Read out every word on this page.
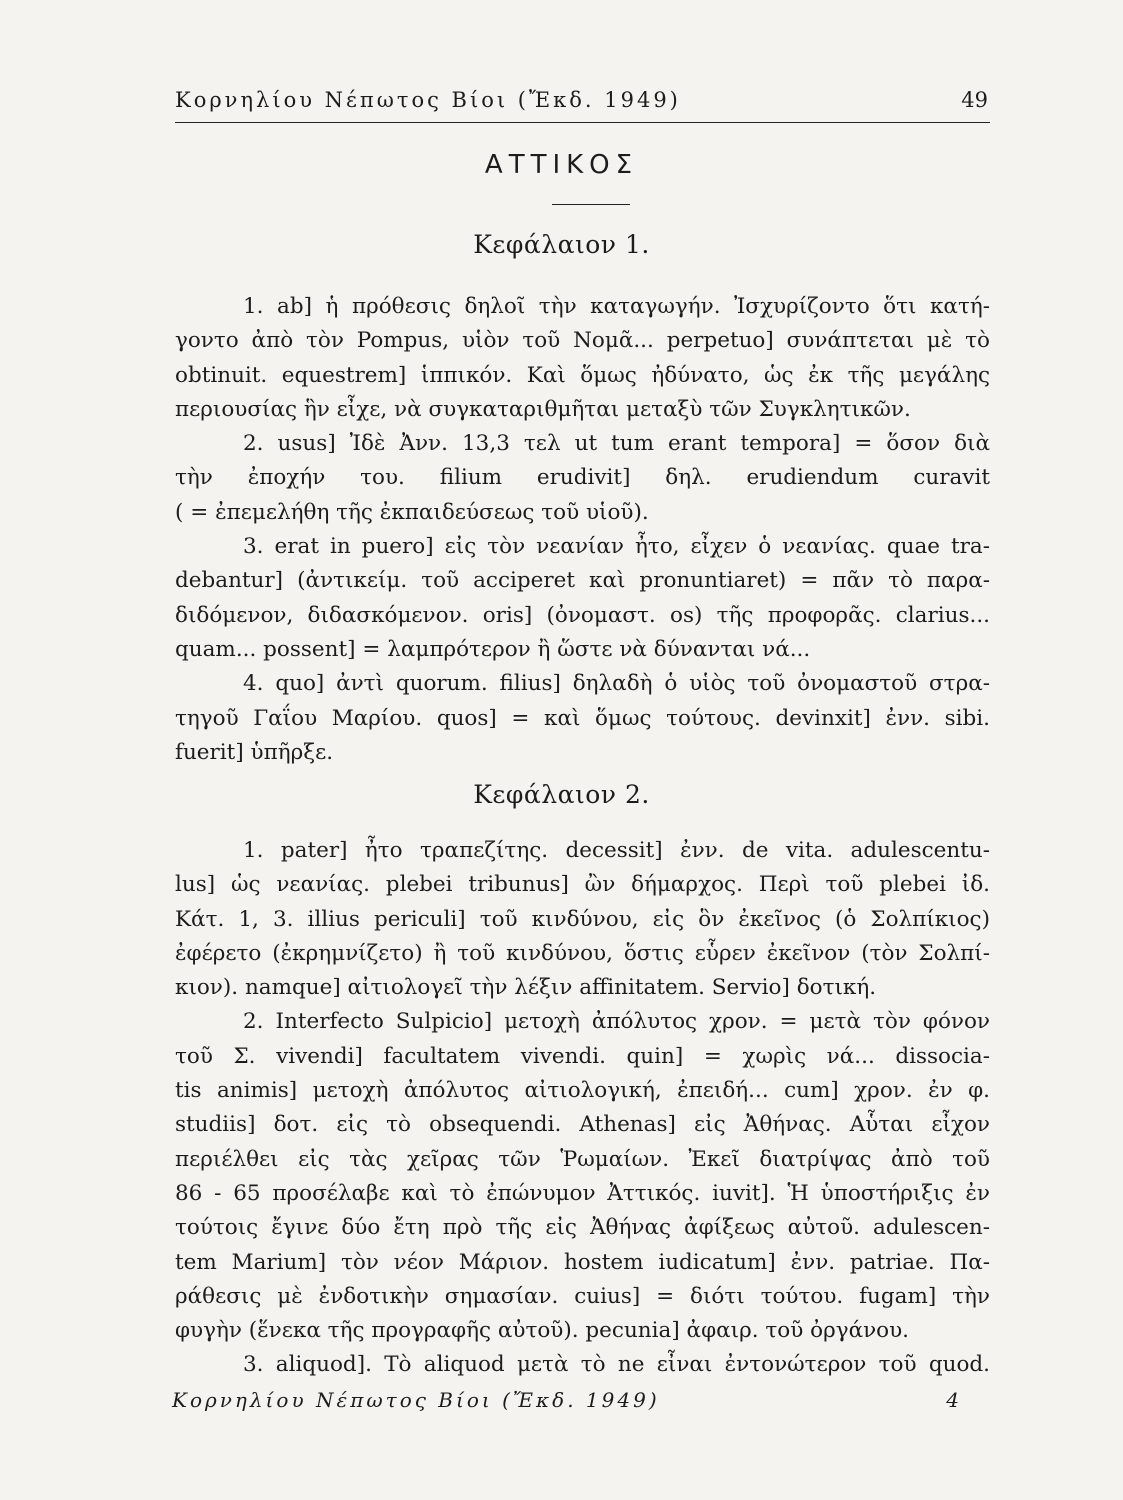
Κορνηλίου Νέπωτος Βίοι (Ἔκδ. 1949)	49
ΑΤΤΙΚΟΣ
Κεφάλαιον 1.
1. ab] ἡ πρόθεσις δηλοῖ τὴν καταγωγήν. Ἰσχυρίζοντο ὅτι κατή-
γοντο ἀπὸ τὸν Pompus, υἱὸν τοῦ Νομᾶ... perpetuo] συνάπτεται μὲ τὸ
obtinuit. equestrem] ἱππικόν. Καὶ ὅμως ἠδύνατο, ὡς ἐκ τῆς μεγάλης
περιουσίας ἣν εἶχε, νὰ συγκαταριθμῆται μεταξὺ τῶν Συγκλητικῶν.
2. usus] Ἰδὲ Ἀνν. 13,3 τελ ut tum erant tempora] = ὅσον διὰ
τὴν ἐποχήν του. filium erudivit] δηλ. erudiendum curavit
( = ἐπεμελήθη τῆς ἐκπαιδεύσεως τοῦ υἱοῦ).
3. erat in puero] εἰς τὸν νεανίαν ἦτο, εἶχεν ὁ νεανίας. quae tra-
debantur] (ἀντικείμ. τοῦ acciperet καὶ pronuntiaret) = πᾶν τὸ παρα-
διδόμενον, διδασκόμενον. oris] (ὀνομαστ. os) τῆς προφορᾶς. clarius...
quam... possent] = λαμπρότερον ἢ ὥστε νὰ δύνανται νά...
4. quo] ἀντὶ quorum. filius] δηλαδὴ ὁ υἱὸς τοῦ ὀνομαστοῦ στρα-
τηγοῦ Γαΐου Μαρίου. quos] = καὶ ὅμως τούτους. devinxit] ἐνν. sibi.
fuerit] ὑπῆρξε.
Κεφάλαιον 2.
1. pater] ἦτο τραπεζίτης. decessit] ἐνν. de vita. adulescentu-
lus] ὡς νεανίας. plebei tribunus] ὢν δήμαρχος. Περὶ τοῦ plebei ἰδ.
Κάτ. 1, 3. illius periculi] τοῦ κινδύνου, εἰς ὃν ἐκεῖνος (ὁ Σολπίκιος)
ἐφέρετο (ἐκρημνίζετο) ἢ τοῦ κινδύνου, ὅστις εὗρεν ἐκεῖνον (τὸν Σολπί-
κιον). namque] αἰτιολογεῖ τὴν λέξιν affinitatem. Servio] δοτική.
2. Interfecto Sulpicio] μετοχὴ ἀπόλυτος χρον. = μετὰ τὸν φόνον
τοῦ Σ. vivendi] facultatem vivendi. quin] = χωρὶς νά... dissocia-
tis animis] μετοχὴ ἀπόλυτος αἰτιολογική, ἐπειδή... cum] χρον. ἐν φ.
studiis] δοτ. εἰς τὸ obsequendi. Athenas] εἰς Ἀθήνας. Αὗται εἶχον
περιέλθει εἰς τὰς χεῖρας τῶν Ῥωμαίων. Ἐκεῖ διατρίψας ἀπὸ τοῦ
86 - 65 προσέλαβε καὶ τὸ ἐπώνυμον Ἀττικός. iuvit]. Ἡ ὑποστήριξις ἐν
τούτοις ἔγινε δύο ἔτη πρὸ τῆς εἰς Ἀθήνας ἀφίξεως αὐτοῦ. adulescen-
tem Marium] τὸν νέον Μάριον. hostem iudicatum] ἐνν. patriae. Πα-
ράθεσις μὲ ἐνδοτικὴν σημασίαν. cuius] = διότι τούτου. fugam] τὴν
φυγὴν (ἕνεκα τῆς προγραφῆς αὐτοῦ). pecunia] ἀφαιρ. τοῦ ὀργάνου.
3. aliquod]. Τὸ aliquod μετὰ τὸ ne εἶναι ἐντονώτερον τοῦ quod.
Κορνηλίου Νέπωτος Βίοι (Ἔκδ. 1949)	4
